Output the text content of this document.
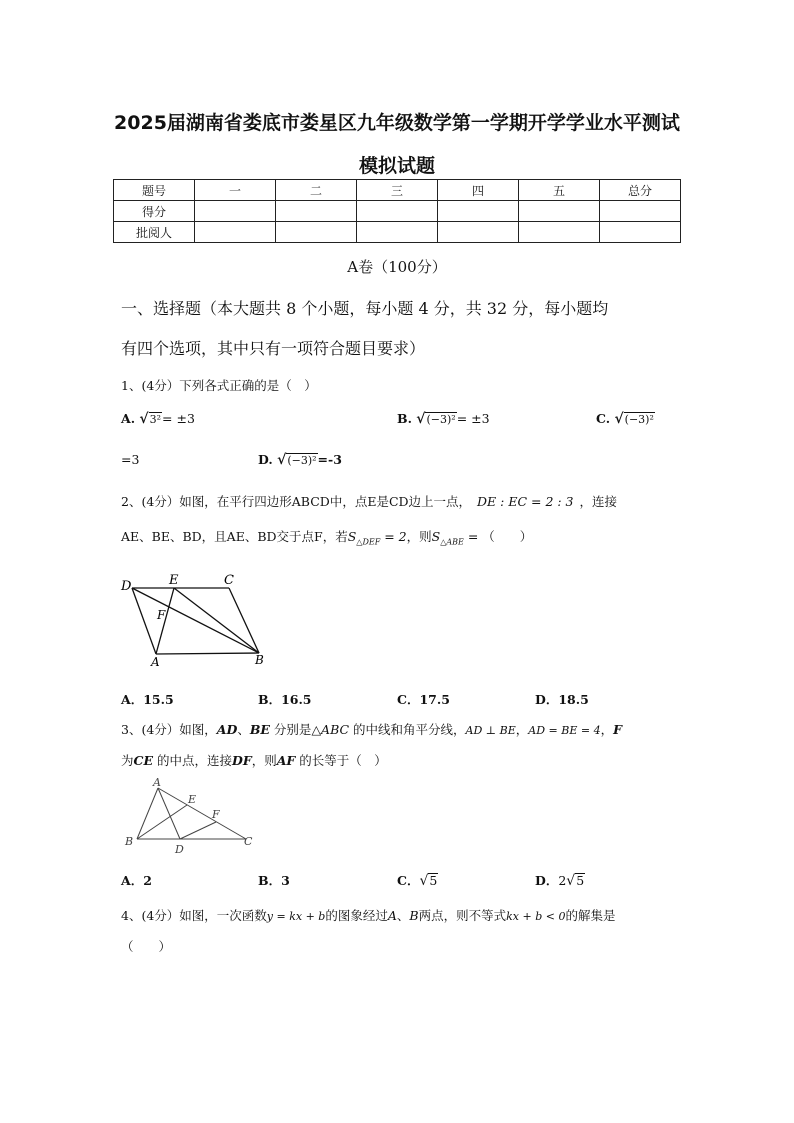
2025届湖南省娄底市娄星区九年级数学第一学期开学学业水平测试
模拟试题
题号	一	二	三	四	五	总分
得分						
批阅人						
A卷（100分）
一、选择题（本大题共 8 个小题，每小题 4 分，共 32 分，每小题均
有四个选项，其中只有一项符合题目要求）
1、(4分）下列各式正确的是（　）
A. √3²= ±3	B. √(−3)²= ±3	C. √(−3)²
=3	D. √(−3)²=-3
2、(4分）如图，在平行四边形ABCD中，点E是CD边上一点， DE : EC = 2 : 3 ，连接
AE、BE、BD，且AE、BD交于点F，若$S_{\triangle DEF} = 2$，则$S_{\triangle ABE}$ = （　　）
D	E	C
F
A	B
A．15.5	B．16.5	C．17.5	D．18.5
3、(4分）如图，AD、BE 分别是△ABC 的中线和角平分线，AD ⊥ BE，AD = BE = 4，F
为CE 的中点，连接DF，则AF 的长等于（　）
A
E
F
B
D
C
A．2	B．3	C．√5	D．2√5
4、(4分）如图，一次函数y = kx + b的图象经过A、B两点，则不等式kx + b < 0的解集是
（　　）
